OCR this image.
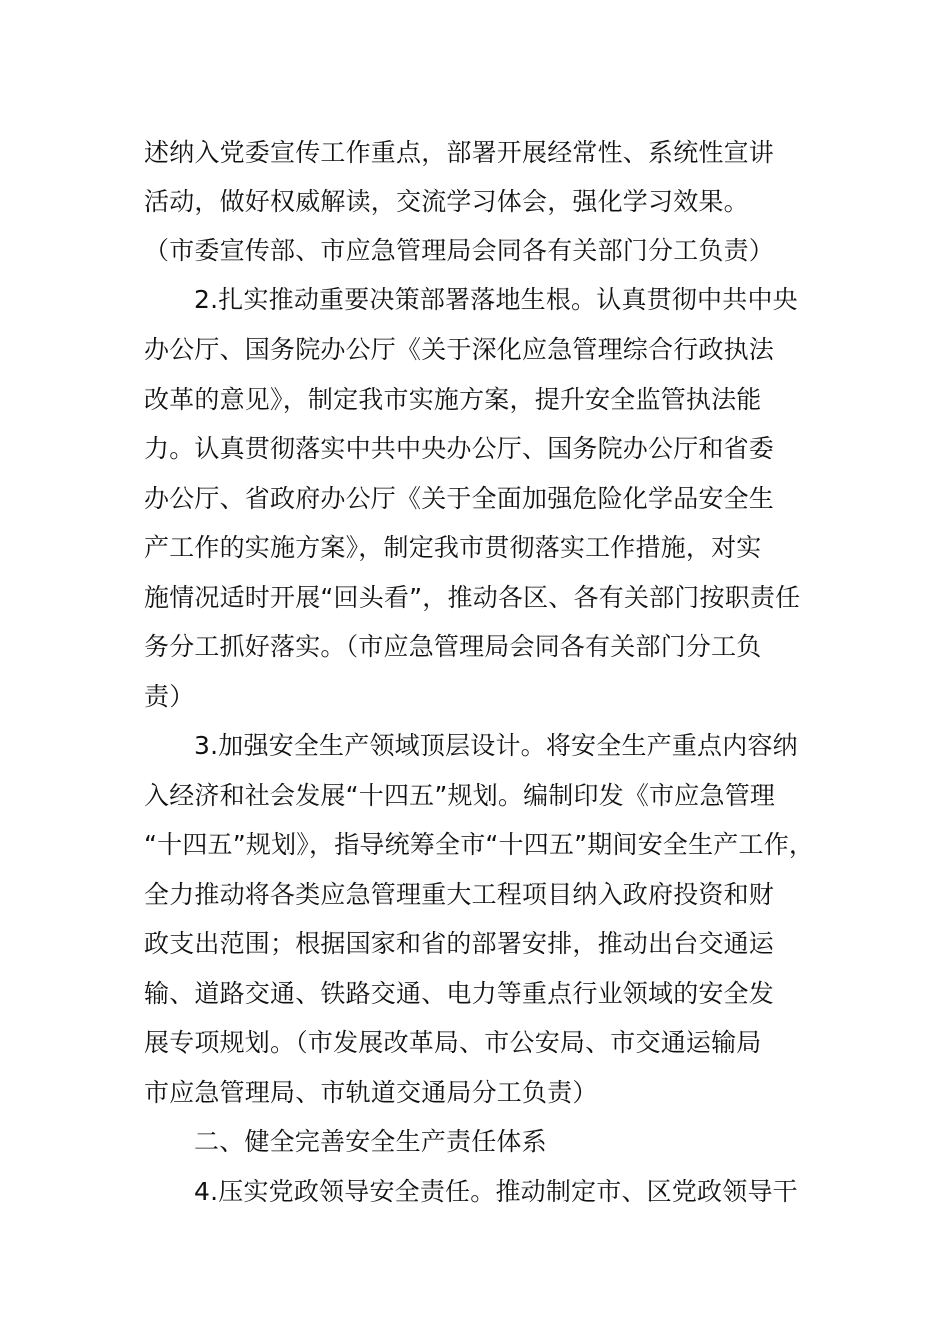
述纳入党委宣传工作重点，部署开展经常性、系统性宣讲
活动，做好权威解读，交流学习体会，强化学习效果。
（市委宣传部、市应急管理局会同各有关部门分工负责）
2.扎实推动重要决策部署落地生根。认真贯彻中共中央
办公厅、国务院办公厅《关于深化应急管理综合行政执法
改革的意见》，制定我市实施方案，提升安全监管执法能
力。认真贯彻落实中共中央办公厅、国务院办公厅和省委
办公厅、省政府办公厅《关于全面加强危险化学品安全生
产工作的实施方案》，制定我市贯彻落实工作措施，对实
施情况适时开展“回头看”，推动各区、各有关部门按职责任
务分工抓好落实。（市应急管理局会同各有关部门分工负
责）
3.加强安全生产领域顶层设计。将安全生产重点内容纳
入经济和社会发展“十四五”规划。编制印发《市应急管理
“十四五”规划》，指导统筹全市“十四五”期间安全生产工作，
全力推动将各类应急管理重大工程项目纳入政府投资和财
政支出范围；根据国家和省的部署安排，推动出台交通运
输、道路交通、铁路交通、电力等重点行业领域的安全发
展专项规划。（市发展改革局、市公安局、市交通运输局
市应急管理局、市轨道交通局分工负责）
二、健全完善安全生产责任体系
4.压实党政领导安全责任。推动制定市、区党政领导干
